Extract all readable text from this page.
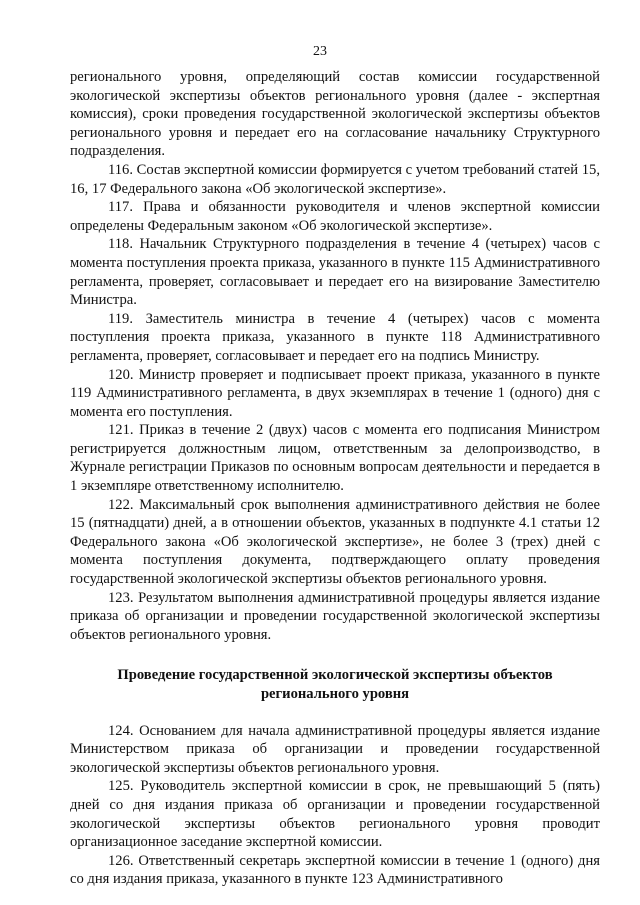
23

регионального уровня, определяющий состав комиссии государственной экологической экспертизы объектов регионального уровня (далее - экспертная комиссия), сроки проведения государственной экологической экспертизы объектов регионального уровня и передает его на согласование начальнику Структурного подразделения.

116. Состав экспертной комиссии формируется с учетом требований статей 15, 16, 17 Федерального закона «Об экологической экспертизе».

117. Права и обязанности руководителя и членов экспертной комиссии определены Федеральным законом «Об экологической экспертизе».

118. Начальник Структурного подразделения в течение 4 (четырех) часов с момента поступления проекта приказа, указанного в пункте 115 Административного регламента, проверяет, согласовывает и передает его на визирование Заместителю Министра.

119. Заместитель министра в течение 4 (четырех) часов с момента поступления проекта приказа, указанного в пункте 118 Административного регламента, проверяет, согласовывает и передает его на подпись Министру.

120. Министр проверяет и подписывает проект приказа, указанного в пункте 119 Административного регламента, в двух экземплярах в течение 1 (одного) дня с момента его поступления.

121. Приказ в течение 2 (двух) часов с момента его подписания Министром регистрируется должностным лицом, ответственным за делопроизводство, в Журнале регистрации Приказов по основным вопросам деятельности и передается в 1 экземпляре ответственному исполнителю.

122. Максимальный срок выполнения административного действия не более 15 (пятнадцати) дней, а в отношении объектов, указанных в подпункте 4.1 статьи 12 Федерального закона «Об экологической экспертизе», не более 3 (трех) дней с момента поступления документа, подтверждающего оплату проведения государственной экологической экспертизы объектов регионального уровня.

123. Результатом выполнения административной процедуры является издание приказа об организации и проведении государственной экологической экспертизы объектов регионального уровня.

Проведение государственной экологической экспертизы объектов
регионального уровня

124. Основанием для начала административной процедуры является издание Министерством приказа об организации и проведении государственной экологической экспертизы объектов регионального уровня.

125. Руководитель экспертной комиссии в срок, не превышающий 5 (пять) дней со дня издания приказа об организации и проведении государственной экологической экспертизы объектов регионального уровня проводит организационное заседание экспертной комиссии.

126. Ответственный секретарь экспертной комиссии в течение 1 (одного) дня со дня издания приказа, указанного в пункте 123 Административного
